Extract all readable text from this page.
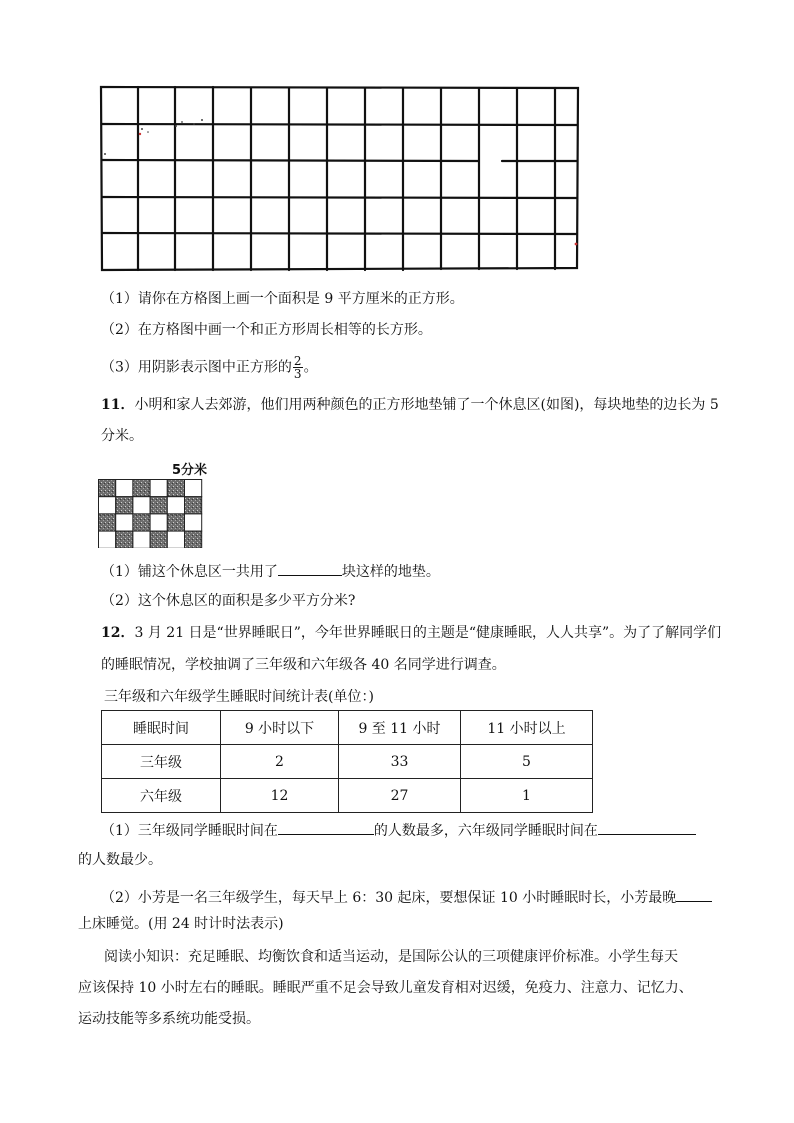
（1）请你在方格图上画一个面积是 9 平方厘米的正方形。
（2）在方格图中画一个和正方形周长相等的长方形。
（3）用阴影表示图中正方形的 $\frac{2}{3}$ 。
11．小明和家人去郊游，他们用两种颜色的正方形地垫铺了一个休息区(如图)，每块地垫的边长为 5
分米。
5分米
（1）铺这个休息区一共用了	块这样的地垫。
（2）这个休息区的面积是多少平方分米?
12．3 月 21 日是“世界睡眠日”，今年世界睡眠日的主题是“健康睡眠，人人共享”。为了了解同学们
的睡眠情况，学校抽调了三年级和六年级各 40 名同学进行调查。
三年级和六年级学生睡眠时间统计表(单位：)
睡眠时间	9 小时以下	9 至 11 小时	11 小时以上
三年级	2	33	5
六年级	12	27	1
（1）三年级同学睡眠时间在	的人数最多，六年级同学睡眠时间在
的人数最少。
（2）小芳是一名三年级学生，每天早上 6：30 起床，要想保证 10 小时睡眠时长，小芳最晚
上床睡觉。(用 24 时计时法表示)
阅读小知识：充足睡眠、均衡饮食和适当运动，是国际公认的三项健康评价标准。小学生每天
应该保持 10 小时左右的睡眠。睡眠严重不足会导致儿童发育相对迟缓，免疫力、注意力、记忆力、
运动技能等多系统功能受损。
